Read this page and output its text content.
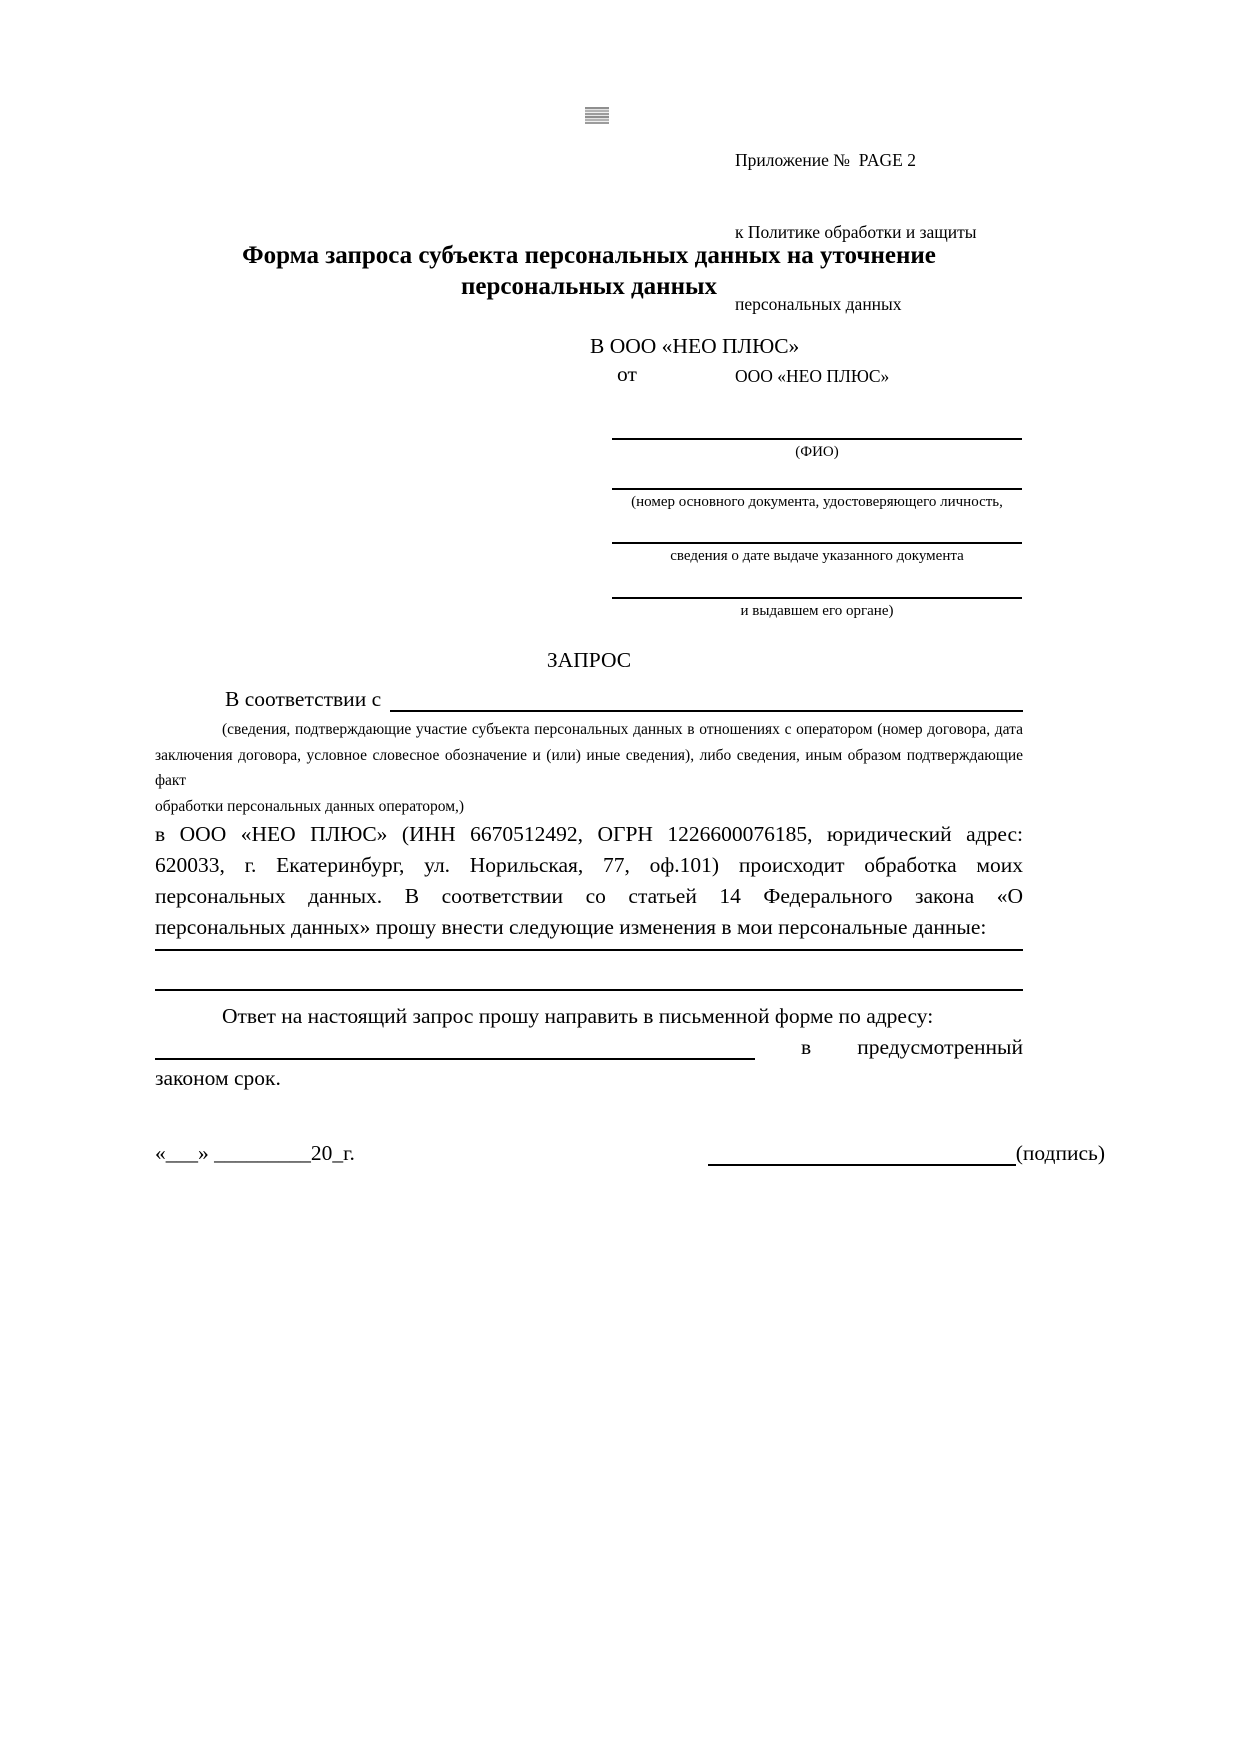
Приложение №  PAGE 2

к Политике обработки и защиты

персональных данных

ООО «НЕО ПЛЮС»

Форма запроса субъекта персональных данных на уточнение персональных данных
В ООО «НЕО ПЛЮС»
от
(ФИО)
(номер основного документа, удостоверяющего личность,
сведения о дате выдаче указанного документа
и выдавшем его органе)
ЗАПРОС
В соответствии с
(сведения, подтверждающие участие субъекта персональных данных в отношениях с оператором (номер договора, дата
заключения договора, условное словесное обозначение и (или) иные сведения), либо сведения, иным образом подтверждающие факт
обработки персональных данных оператором,)
в ООО «НЕО ПЛЮС» (ИНН 6670512492, ОГРН 1226600076185, юридический адрес:
620033, г. Екатеринбург, ул. Норильская, 77, оф.101) происходит обработка моих
персональных данных. В соответствии со статьей 14 Федерального закона «О
персональных данных» прошу внести следующие изменения в мои персональные данные:

Ответ на настоящий запрос прошу направить в письменной форме по адресу:

в предусмотренный

законом срок.

«___» _________20_г.	(подпись)
